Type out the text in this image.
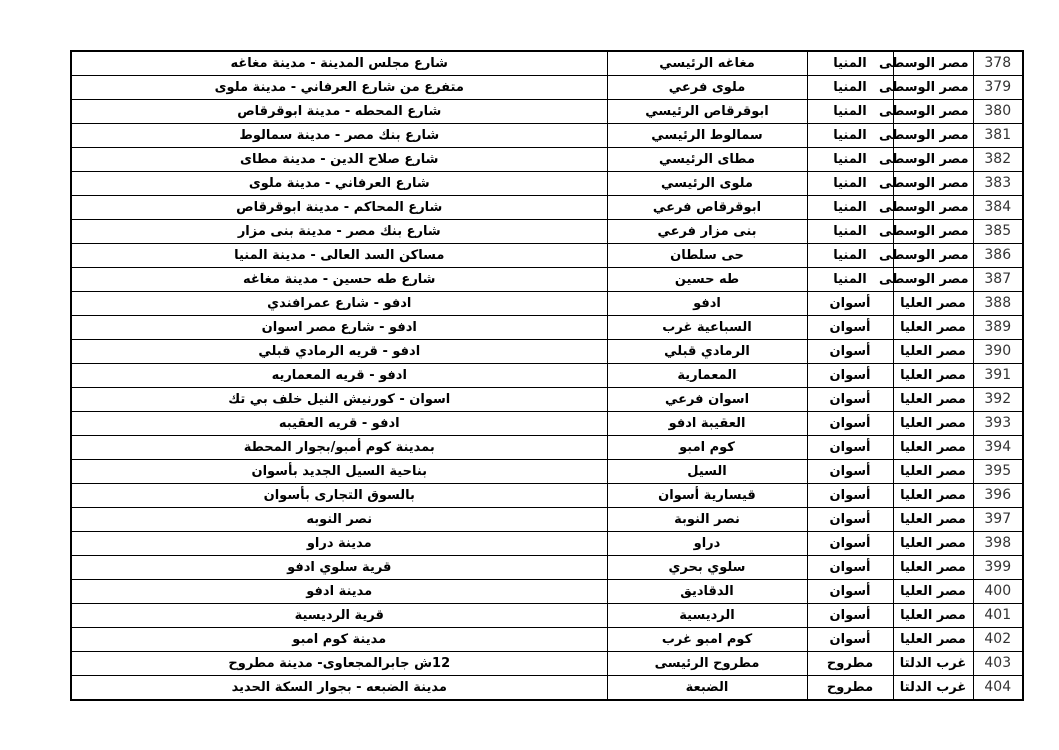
شارع مجلس المدينة - مدينة مغاغه	مغاغه الرئيسي	المنيا	مصر الوسطى	378
متفرع من شارع العرفاني - مدينة ملوى	ملوى فرعي	المنيا	مصر الوسطى	379
شارع المحطه - مدينة ابوقرقاص	ابوقرقاص الرئيسي	المنيا	مصر الوسطى	380
شارع بنك مصر - مدينة سمالوط	سمالوط الرئيسي	المنيا	مصر الوسطى	381
شارع صلاح الدين - مدينة مطاى	مطاى الرئيسي	المنيا	مصر الوسطى	382
شارع العرفاني - مدينة ملوى	ملوى الرئيسي	المنيا	مصر الوسطى	383
شارع المحاكم - مدينة ابوقرقاص	ابوقرقاص فرعي	المنيا	مصر الوسطى	384
شارع بنك مصر - مدينة بنى مزار	بنى مزار فرعي	المنيا	مصر الوسطى	385
مساكن السد العالى - مدينة المنيا	حى سلطان	المنيا	مصر الوسطى	386
شارع طه حسين - مدينة مغاغه	طه حسين	المنيا	مصر الوسطى	387
ادفو - شارع عمرافندي	ادفو	أسوان	مصر العليا	388
ادفو - شارع مصر اسوان	السباعية غرب	أسوان	مصر العليا	389
ادفو - قريه الرمادي قبلي	الرمادي قبلي	أسوان	مصر العليا	390
ادفو - قريه المعماريه	المعمارية	أسوان	مصر العليا	391
اسوان - كورنيش النيل خلف بي تك	اسوان فرعي	أسوان	مصر العليا	392
ادفو - قريه العقيبه	العقيبة ادفو	أسوان	مصر العليا	393
بمدينة كوم أمبو/بجوار المحطة	كوم امبو	أسوان	مصر العليا	394
بناحية السيل الجديد بأسوان	السيل	أسوان	مصر العليا	395
بالسوق التجارى بأسوان	قيسارية أسوان	أسوان	مصر العليا	396
نصر النوبه	نصر النوبة	أسوان	مصر العليا	397
مدينة دراو	دراو	أسوان	مصر العليا	398
قرية سلوي ادفو	سلوي بحري	أسوان	مصر العليا	399
مدينة ادفو	الدقاديق	أسوان	مصر العليا	400
قرية الرديسية	الرديسية	أسوان	مصر العليا	401
مدينة كوم امبو	كوم امبو غرب	أسوان	مصر العليا	402
12ش جابرالمجعاوى- مدينة مطروح	مطروح الرئيسى	مطروح	غرب الدلتا	403
مدينة الضبعه - بجوار السكة الحديد	الضبعة	مطروح	غرب الدلتا	404
